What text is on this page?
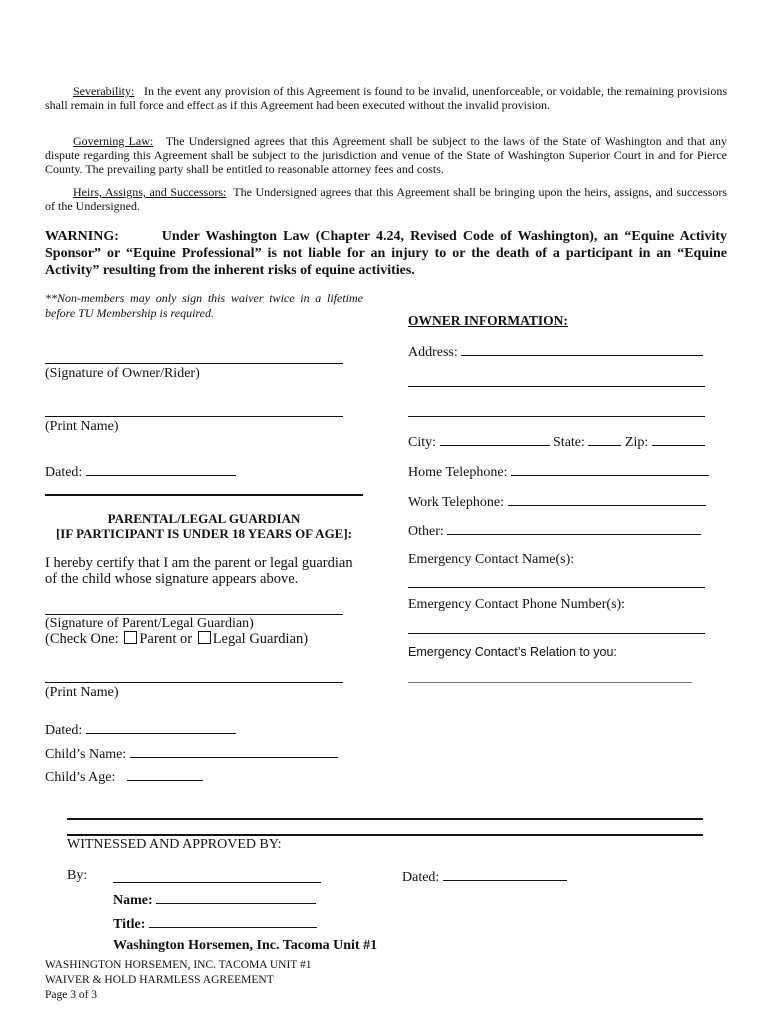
Severability: In the event any provision of this Agreement is found to be invalid, unenforceable, or voidable, the remaining provisions shall remain in full force and effect as if this Agreement had been executed without the invalid provision.
Governing Law: The Undersigned agrees that this Agreement shall be subject to the laws of the State of Washington and that any dispute regarding this Agreement shall be subject to the jurisdiction and venue of the State of Washington Superior Court in and for Pierce County. The prevailing party shall be entitled to reasonable attorney fees and costs.
Heirs, Assigns, and Successors: The Undersigned agrees that this Agreement shall be bringing upon the heirs, assigns, and successors of the Undersigned.
WARNING:	Under Washington Law (Chapter 4.24, Revised Code of Washington), an “Equine Activity Sponsor” or “Equine Professional” is not liable for an injury to or the death of a participant in an “Equine Activity” resulting from the inherent risks of equine activities.
**Non-members may only sign this waiver twice in a lifetime before TU Membership is required.
(Signature of Owner/Rider)
(Print Name)
Dated:
PARENTAL/LEGAL GUARDIAN
[IF PARTICIPANT IS UNDER 18 YEARS OF AGE]:
I hereby certify that I am the parent or legal guardian of the child whose signature appears above.
(Signature of Parent/Legal Guardian)
(Check One: Parent or Legal Guardian)
(Print Name)
Dated:
Child’s Name:
Child’s Age:
OWNER INFORMATION:
Address:
City:	State:	Zip:
Home Telephone:
Work Telephone:
Other:
Emergency Contact Name(s):
Emergency Contact Phone Number(s):
Emergency Contact’s Relation to you:
WITNESSED AND APPROVED BY:
By:	Dated:
Name:
Title:
Washington Horsemen, Inc. Tacoma Unit #1
WASHINGTON HORSEMEN, INC. TACOMA UNIT #1
WAIVER & HOLD HARMLESS AGREEMENT
Page 3 of 3
